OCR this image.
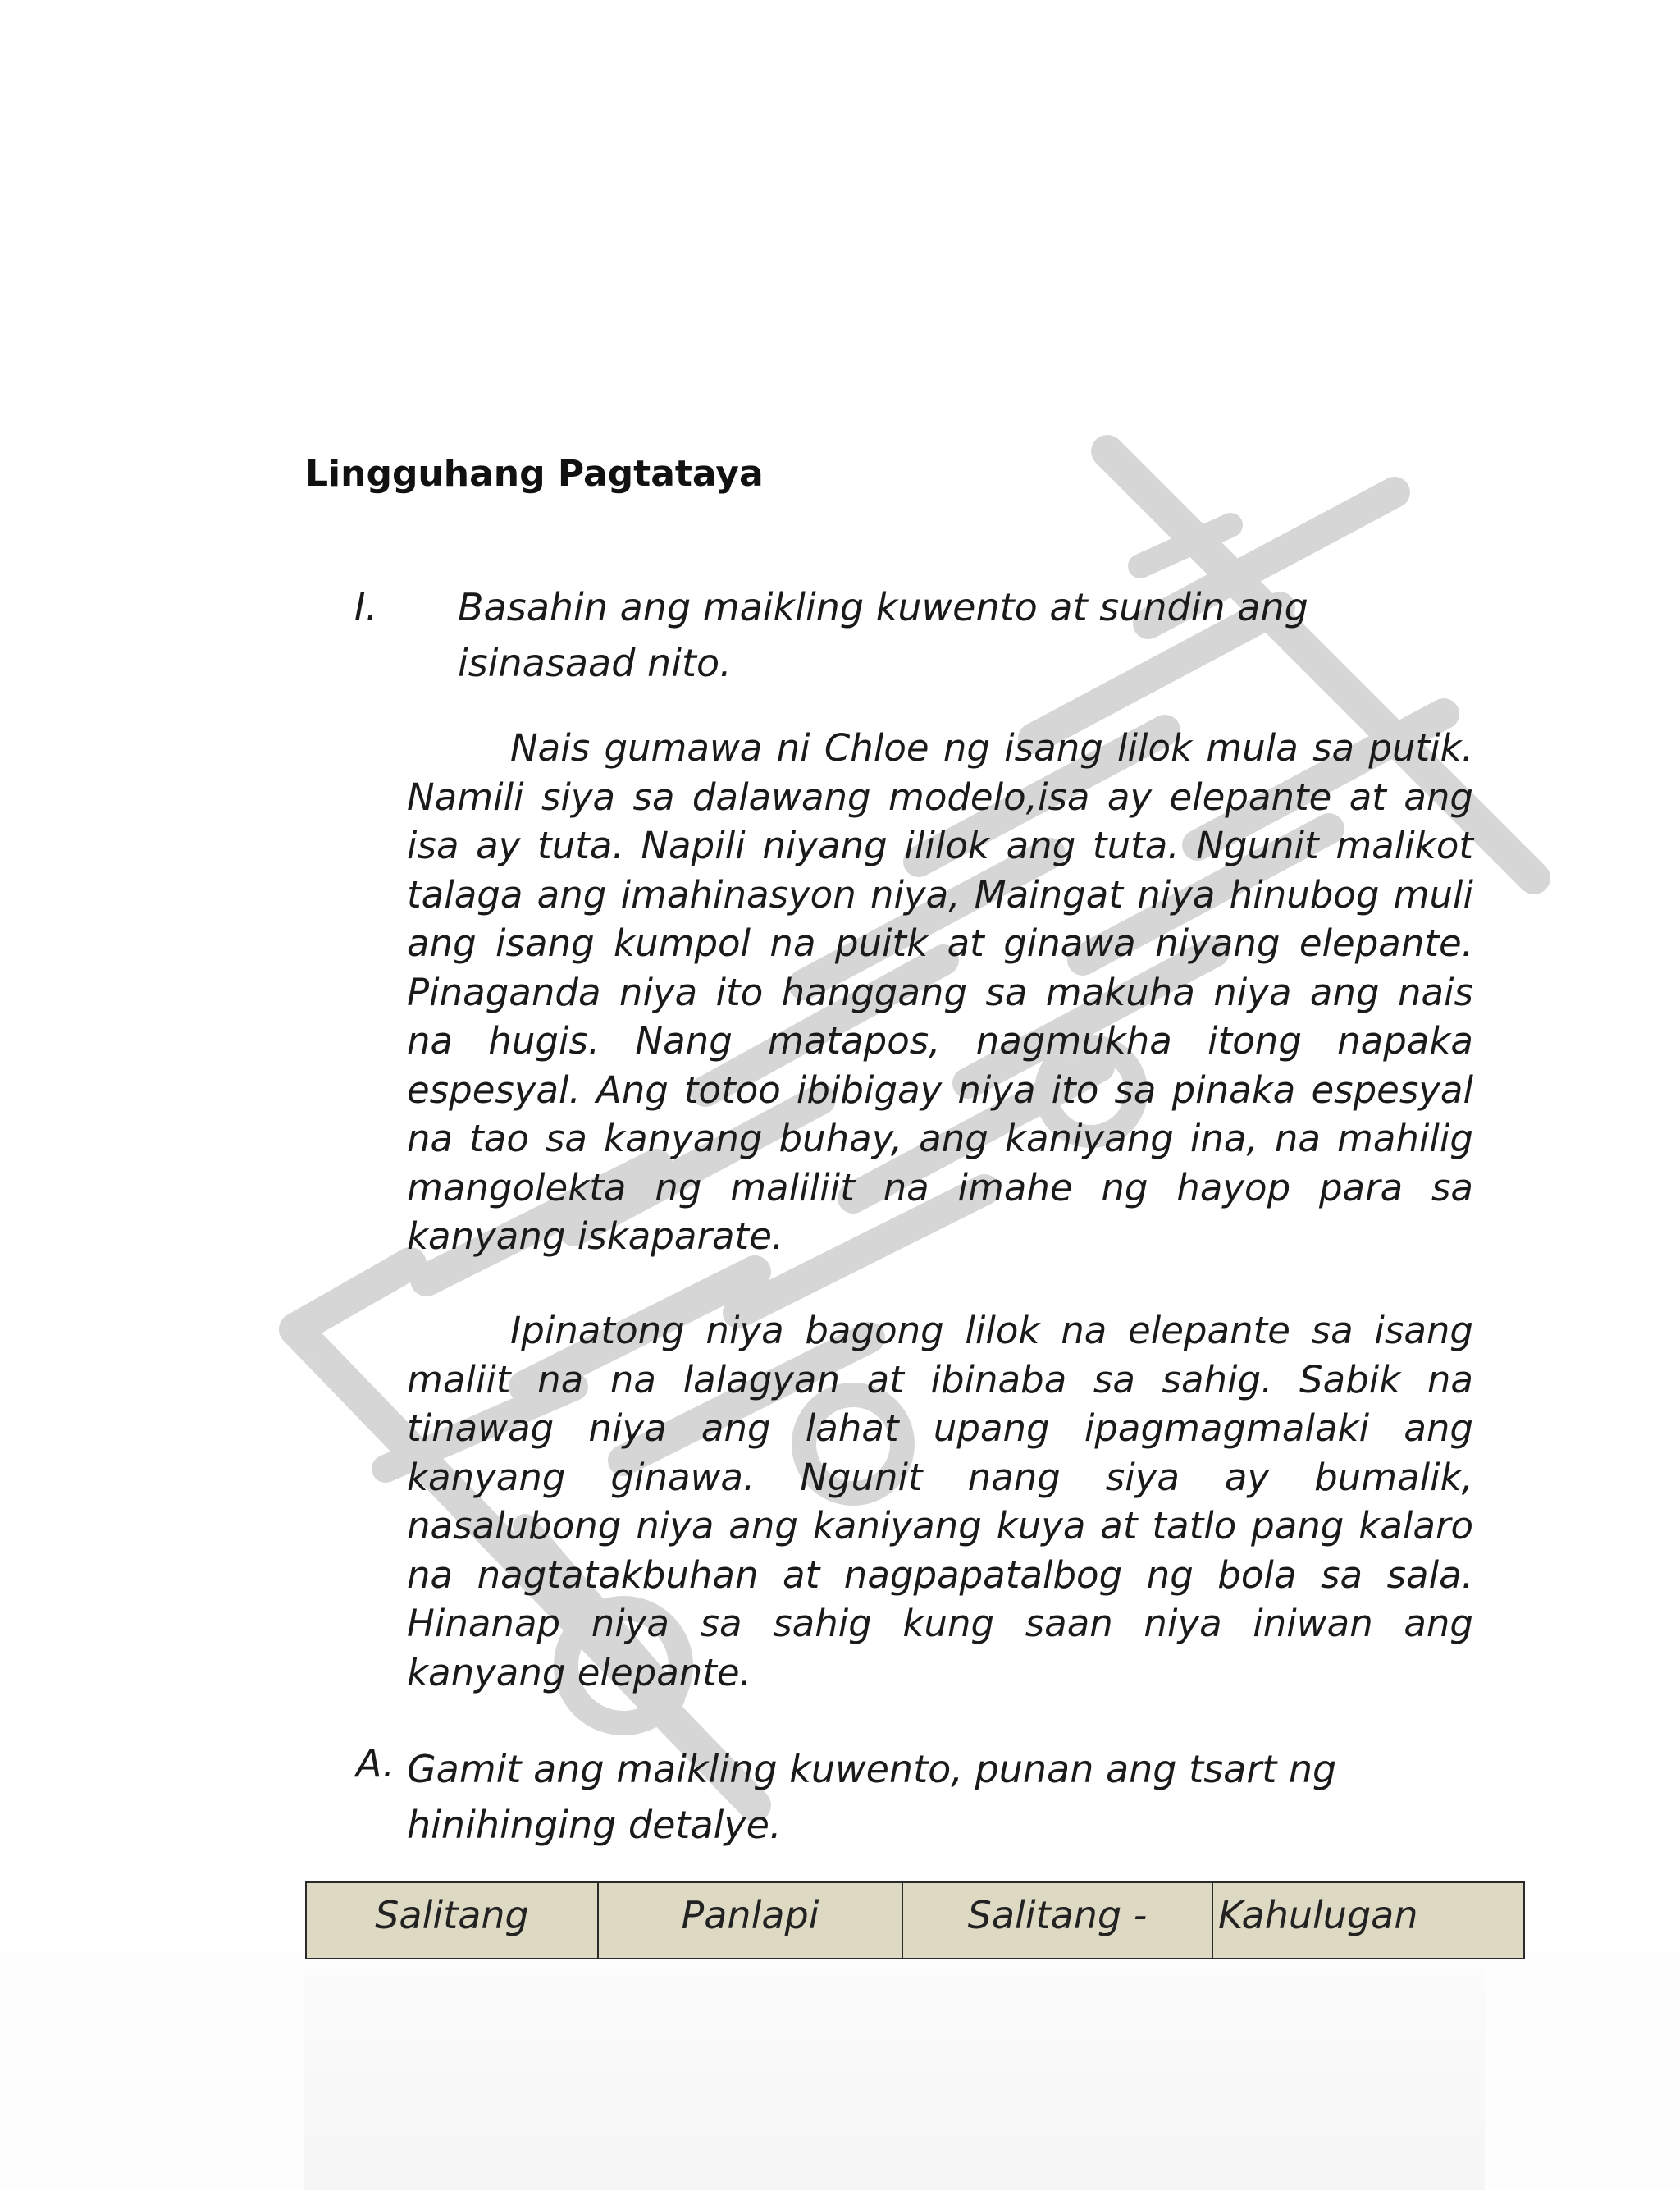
Lingguhang Pagtataya
I. Basahin ang maikling kuwento at sundin ang isinasaad nito.

Nais gumawa ni Chloe ng isang lilok mula sa putik. Namili siya sa dalawang modelo,isa ay elepante at ang isa ay tuta. Napili niyang ililok ang tuta. Ngunit malikot talaga ang imahinasyon niya, Maingat niya hinubog muli ang isang kumpol na puitk at ginawa niyang elepante. Pinaganda niya ito hanggang sa makuha niya ang nais na hugis. Nang matapos, nagmukha itong napaka espesyal. Ang totoo ibibigay niya ito sa pinaka espesyal na tao sa kanyang buhay, ang kaniyang ina, na mahilig mangolekta ng maliliit na imahe ng hayop para sa kanyang iskaparate.

Ipinatong niya bagong lilok na elepante sa isang maliit na na lalagyan at ibinaba sa sahig. Sabik na tinawag niya ang lahat upang ipagmagmalaki ang kanyang ginawa. Ngunit nang siya ay bumalik, nasalubong niya ang kaniyang kuya at tatlo pang kalaro na nagtatakbuhan at nagpapatalbog ng bola sa sala. Hinanap niya sa sahig kung saan niya iniwan ang kanyang elepante.

A. Gamit ang maikling kuwento, punan ang tsart ng hinihinging detalye.
Salitang	Panlapi	Salitang -	Kahulugan
